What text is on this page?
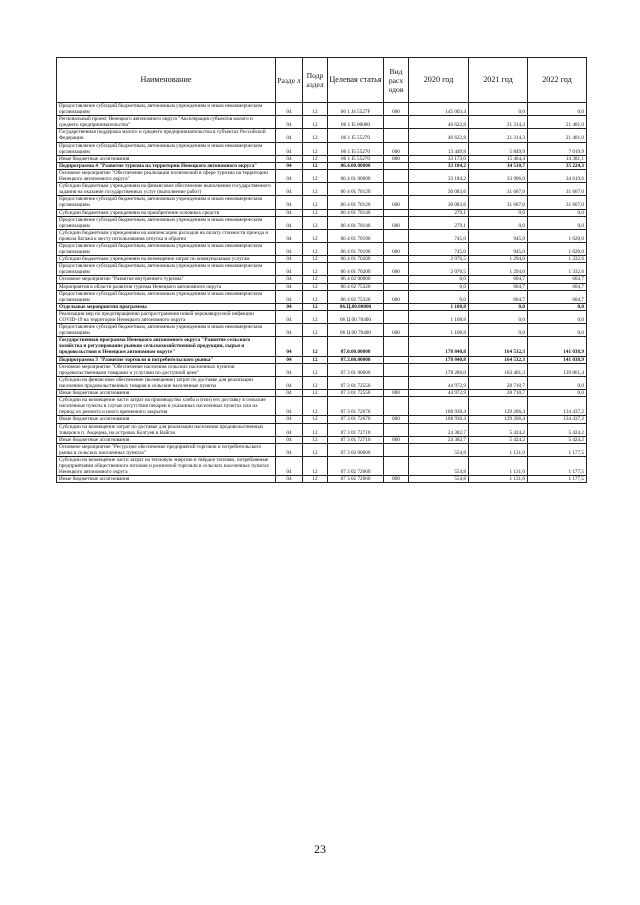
Наименование	Разде л	Подр аздел	Целевая статья	Вид расх одов	2020 год	2021 год	2022 год
Предоставление субсидий бюджетным, автономным учреждениям и иным некоммерческим организациям	04	12	06 1 J4 5527F	600	145 003,4	0,0	0,0
Региональный проект Ненецкого автономного округа "Акселерация субъектов малого и среднего предпринимательства"	04	12	06 1 I5 00000		46 622,8	21 314,3	21 401,0
Государственная поддержка малого и среднего предпринимательства в субъектах Российской Федерации	04	12	06 1 I5 55270		46 622,8	21 314,3	21 401,0
Предоставление субсидий бюджетным, автономным учреждениям и иным некоммерческим организациям	04	12	06 1 I5 55270	600	13 449,8	5 849,9	7 019,9
Иные бюджетные ассигнования	04	12	06 1 I5 55270	800	33 173,0	15 464,4	14 381,1
Подпрограмма 4 "Развитие туризма на территории Ненецкого автономного округа"	04	12	06.4.00.00000		33 184,2	34 510,7	35 224,3
Основное мероприятие "Обеспечение реализации полномочий в сфере туризма на территории Ненецкого автономного округа"	04	12	06 4 01 00000		33 184,2	33 906,0	34 619,6
Субсидии бюджетным учреждениям на финансовое обеспечение выполнения государственного задания на оказание государственных услуг (выполнение работ)	04	12	06 4 01 70120		30 083,6	31 667,0	31 667,0
Предоставление субсидий бюджетным, автономным учреждениям и иным некоммерческим организациям	04	12	06 4 01 70120	600	30 083,6	31 667,0	31 667,0
Субсидии бюджетным учреждениям на приобретение основных средств	04	12	06 4 01 70140		279,1	0,0	0,0
Предоставление субсидий бюджетным, автономным учреждениям и иным некоммерческим организациям	04	12	06 4 01 70140	600	279,1	0,0	0,0
Субсидии бюджетным учреждениям на компенсацию расходов на оплату стоимости проезда и провоза багажа к месту использования отпуска и обратно	04	12	06 4 01 70190		745,0	945,0	1 620,0
Предоставление субсидий бюджетным, автономным учреждениям и иным некоммерческим организациям	04	12	06 4 01 70190	600	745,0	945,0	1 620,0
Субсидии бюджетным учреждениям на возмещение затрат по коммунальным услугам	04	12	06 4 01 70200		2 076,5	1 294,0	1 332,6
Предоставление субсидий бюджетным, автономным учреждениям и иным некоммерческим организациям	04	12	06 4 01 70200	600	2 076,5	1 294,0	1 332,6
Основное мероприятие "Развитие внутреннего туризма"	04	12	06 4 02 00000		0,0	604,7	604,7
Мероприятия в области развития туризма Ненецкого автономного округа	04	12	06 4 02 75320		0,0	604,7	604,7
Предоставление субсидий бюджетным, автономным учреждениям и иным некоммерческим организациям	04	12	06 4 02 75320	600	0,0	604,7	604,7
Отдельные мероприятия программы	04	12	06.Ц.00.00000		1 108,8	0,0	0,0
Реализация мер по предотвращению распространения новой коронавирусной инфекции COVID-19 на территории Ненецкого автономного округа	04	12	06 Ц 00 70400		1 108,8	0,0	0,0
Предоставление субсидий бюджетным, автономным учреждениям и иным некоммерческим организациям	04	12	06 Ц 00 70400	600	1 108,8	0,0	0,0
Государственная программа Ненецкого автономного округа "Развитие сельского хозяйства и регулирование рынков сельскохозяйственной продукции, сырья и продовольствия в Ненецком автономном округе"	04	12	07.0.00.00000		178 840,8	164 532,3	141 038,9
Подпрограмма 3 "Развитие торговли и потребительского рынка"	04	12	07.3.00.00000		178 840,8	164 532,3	141 038,9
Основное мероприятие "Обеспечение населения сельских населенных пунктов продовольственными товарами и услугами по доступной цене"	04	12	07 3 01 00000		178 286,0	163 401,3	139 861,4
Субсидии на финансовое обеспечение (возмещение) затрат по доставке для реализации населению продовольственных товаров в сельские населенные пункты	04	12	07 3 01 72550		44 972,9	28 710,7	0,0
Иные бюджетные ассигнования	04	12	07 3 01 72550	800	44 972,9	28 710,7	0,0
Субсидии на возмещение части затрат на производство хлеба и (или) его доставку в сельские населенные пункты в случае отсутствия пекарен в указанных населенных пунктах или на период их ремонта и иного временного закрытия	04	12	07 3 01 72670		108 930,4	129 266,4	134 437,2
Иные бюджетные ассигнования	04	12	07 3 01 72670	800	108 930,4	129 266,4	134 437,2
Субсидии на возмещение затрат по доставке для реализации населению продовольственных товаров в п. Амдерма, на островах Колгуев и Вайгач	04	12	07 3 01 72710		24 382,7	5 424,2	5 424,2
Иные бюджетные ассигнования	04	12	07 3 01 72710	800	24 382,7	5 424,2	5 424,2
Основное мероприятие "Ресурсное обеспечение предприятий торговли и потребительского рынка в сельских населенных пунктах"	04	12	07 3 02 00000		554,8	1 131,0	1 177,5
Субсидии на возмещение части затрат на тепловую энергию и твёрдое топливо, потребляемые предприятиями общественного питания и розничной торговли в сельских населенных пунктах Ненецкого автономного округа	04	12	07 3 02 72660		554,8	1 131,0	1 177,5
Иные бюджетные ассигнования	04	12	07 3 02 72660	800	554,8	1 131,0	1 177,5
23
